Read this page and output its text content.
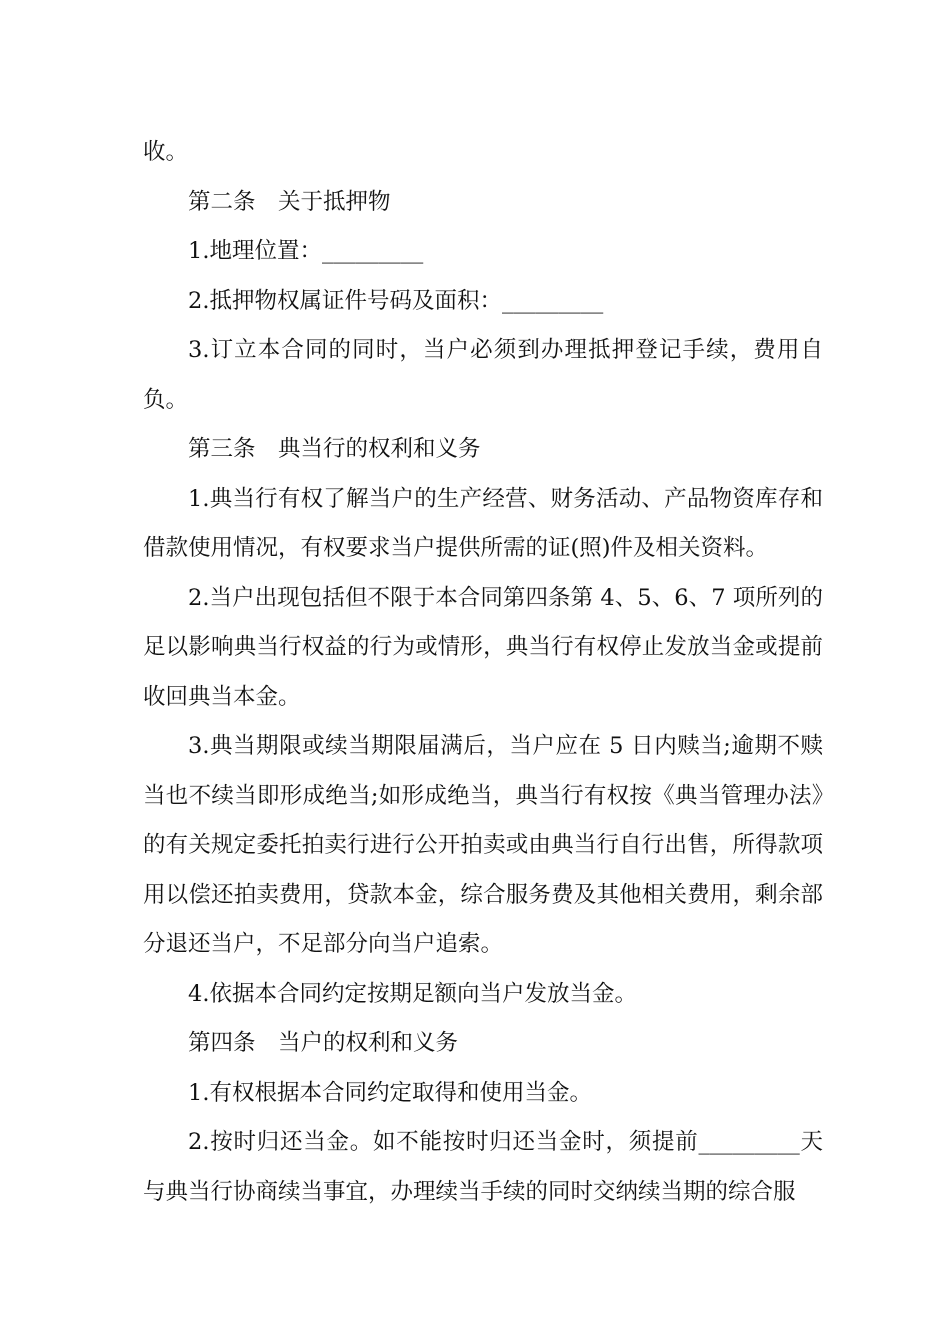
收。

第二条　关于抵押物

1.地理位置：_________

2.抵押物权属证件号码及面积：_________

3.订立本合同的同时，当户必须到办理抵押登记手续，费用自负。

第三条　典当行的权利和义务

1.典当行有权了解当户的生产经营、财务活动、产品物资库存和借款使用情况，有权要求当户提供所需的证(照)件及相关资料。

2.当户出现包括但不限于本合同第四条第 4、5、6、7 项所列的足以影响典当行权益的行为或情形，典当行有权停止发放当金或提前收回典当本金。

3.典当期限或续当期限届满后，当户应在 5 日内赎当;逾期不赎当也不续当即形成绝当;如形成绝当，典当行有权按《典当管理办法》的有关规定委托拍卖行进行公开拍卖或由典当行自行出售，所得款项用以偿还拍卖费用，贷款本金，综合服务费及其他相关费用，剩余部分退还当户，不足部分向当户追索。

4.依据本合同约定按期足额向当户发放当金。

第四条　当户的权利和义务

1.有权根据本合同约定取得和使用当金。

2.按时归还当金。如不能按时归还当金时，须提前_________天与典当行协商续当事宜，办理续当手续的同时交纳续当期的综合服
